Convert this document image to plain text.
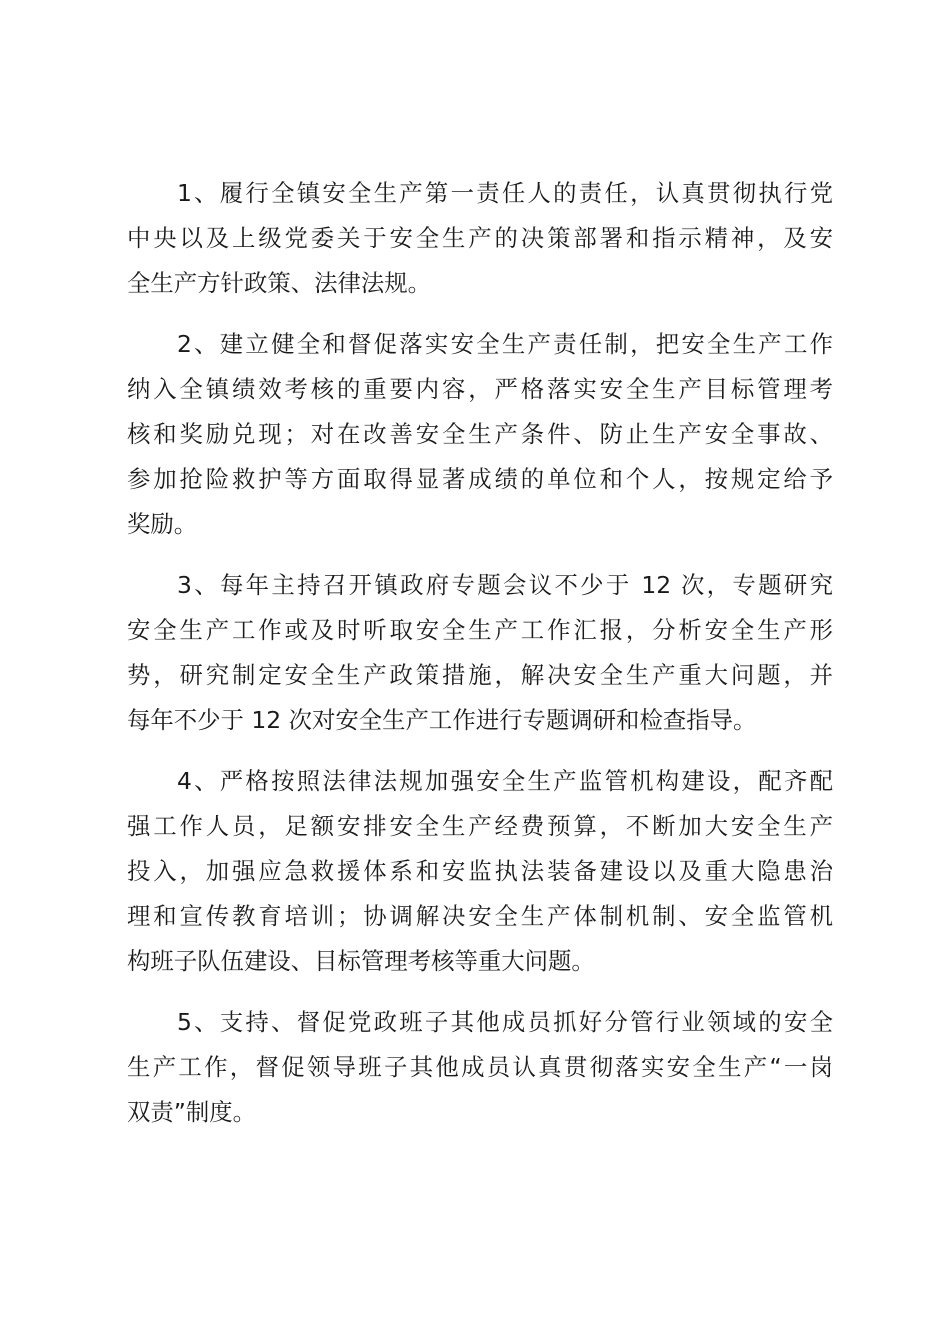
1、履行全镇安全生产第一责任人的责任，认真贯彻执行党
中央以及上级党委关于安全生产的决策部署和指示精神，及安
全生产方针政策、法律法规。

2、建立健全和督促落实安全生产责任制，把安全生产工作
纳入全镇绩效考核的重要内容，严格落实安全生产目标管理考
核和奖励兑现；对在改善安全生产条件、防止生产安全事故、
参加抢险救护等方面取得显著成绩的单位和个人，按规定给予
奖励。

3、每年主持召开镇政府专题会议不少于 12 次，专题研究
安全生产工作或及时听取安全生产工作汇报，分析安全生产形
势，研究制定安全生产政策措施，解决安全生产重大问题，并
每年不少于 12 次对安全生产工作进行专题调研和检查指导。

4、严格按照法律法规加强安全生产监管机构建设，配齐配
强工作人员，足额安排安全生产经费预算，不断加大安全生产
投入，加强应急救援体系和安监执法装备建设以及重大隐患治
理和宣传教育培训；协调解决安全生产体制机制、安全监管机
构班子队伍建设、目标管理考核等重大问题。

5、支持、督促党政班子其他成员抓好分管行业领域的安全
生产工作，督促领导班子其他成员认真贯彻落实安全生产“一岗
双责”制度。
